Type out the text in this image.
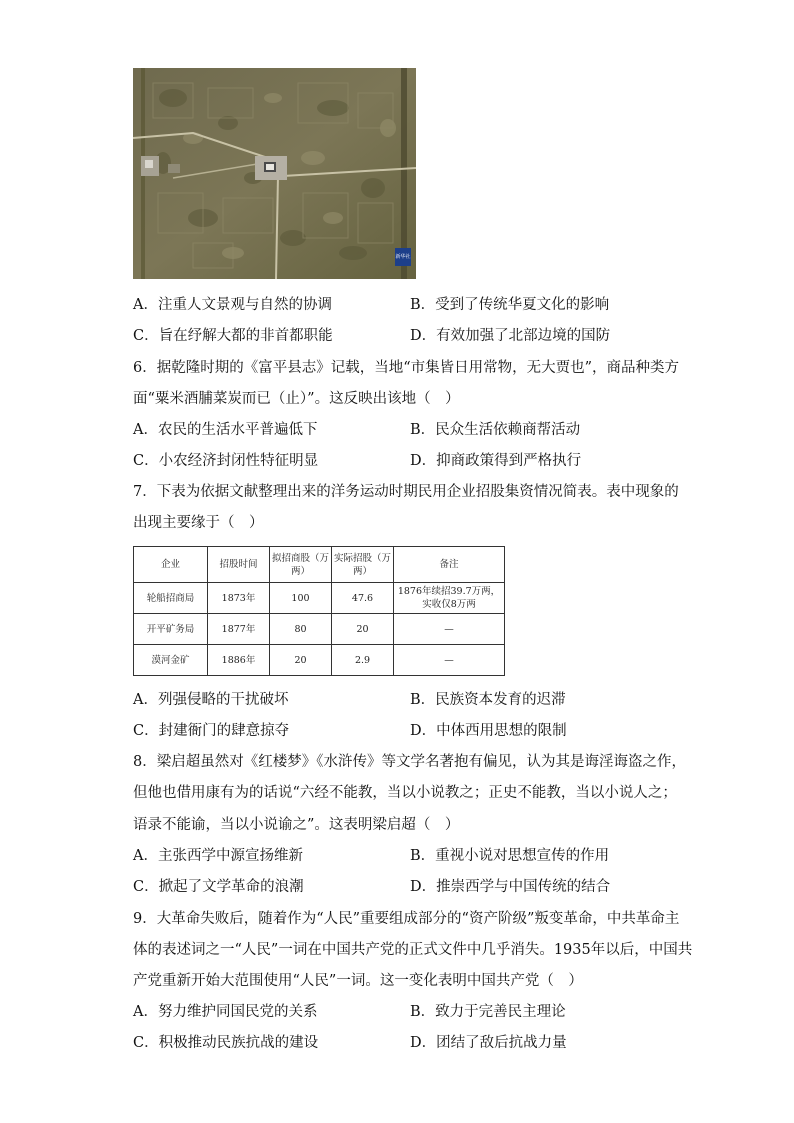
新华社
A．注重人文景观与自然的协调	B．受到了传统华夏文化的影响
C．旨在纾解大都的非首都职能	D．有效加强了北部边境的国防
6．据乾隆时期的《富平县志》记载，当地“市集皆日用常物，无大贾也”，商品种类方
面“粟米酒脯菜炭而已（止）”。这反映出该地（　）
A．农民的生活水平普遍低下	B．民众生活依赖商帮活动
C．小农经济封闭性特征明显	D．抑商政策得到严格执行
7．下表为依据文献整理出来的洋务运动时期民用企业招股集资情况简表。表中现象的
出现主要缘于（　）
企业	招股时间	拟招商股（万两）	实际招股（万两）	备注
轮船招商局	1873年	100	47.6	1876年续招39.7万两，实收仅8万两
开平矿务局	1877年	80	20	—
漠河金矿	1886年	20	2.9	—
A．列强侵略的干扰破坏	B．民族资本发育的迟滞
C．封建衙门的肆意掠夺	D．中体西用思想的限制
8．梁启超虽然对《红楼梦》《水浒传》等文学名著抱有偏见，认为其是诲淫诲盗之作，
但他也借用康有为的话说“六经不能教，当以小说教之；正史不能教，当以小说人之；
语录不能谕，当以小说谕之”。这表明梁启超（　）
A．主张西学中源宣扬维新	B．重视小说对思想宣传的作用
C．掀起了文学革命的浪潮	D．推崇西学与中国传统的结合
9．大革命失败后，随着作为“人民”重要组成部分的“资产阶级”叛变革命，中共革命主
体的表述词之一“人民”一词在中国共产党的正式文件中几乎消失。1935年以后，中国共
产党重新开始大范围使用“人民”一词。这一变化表明中国共产党（　）
A．努力维护同国民党的关系	B．致力于完善民主理论
C．积极推动民族抗战的建设	D．团结了敌后抗战力量
